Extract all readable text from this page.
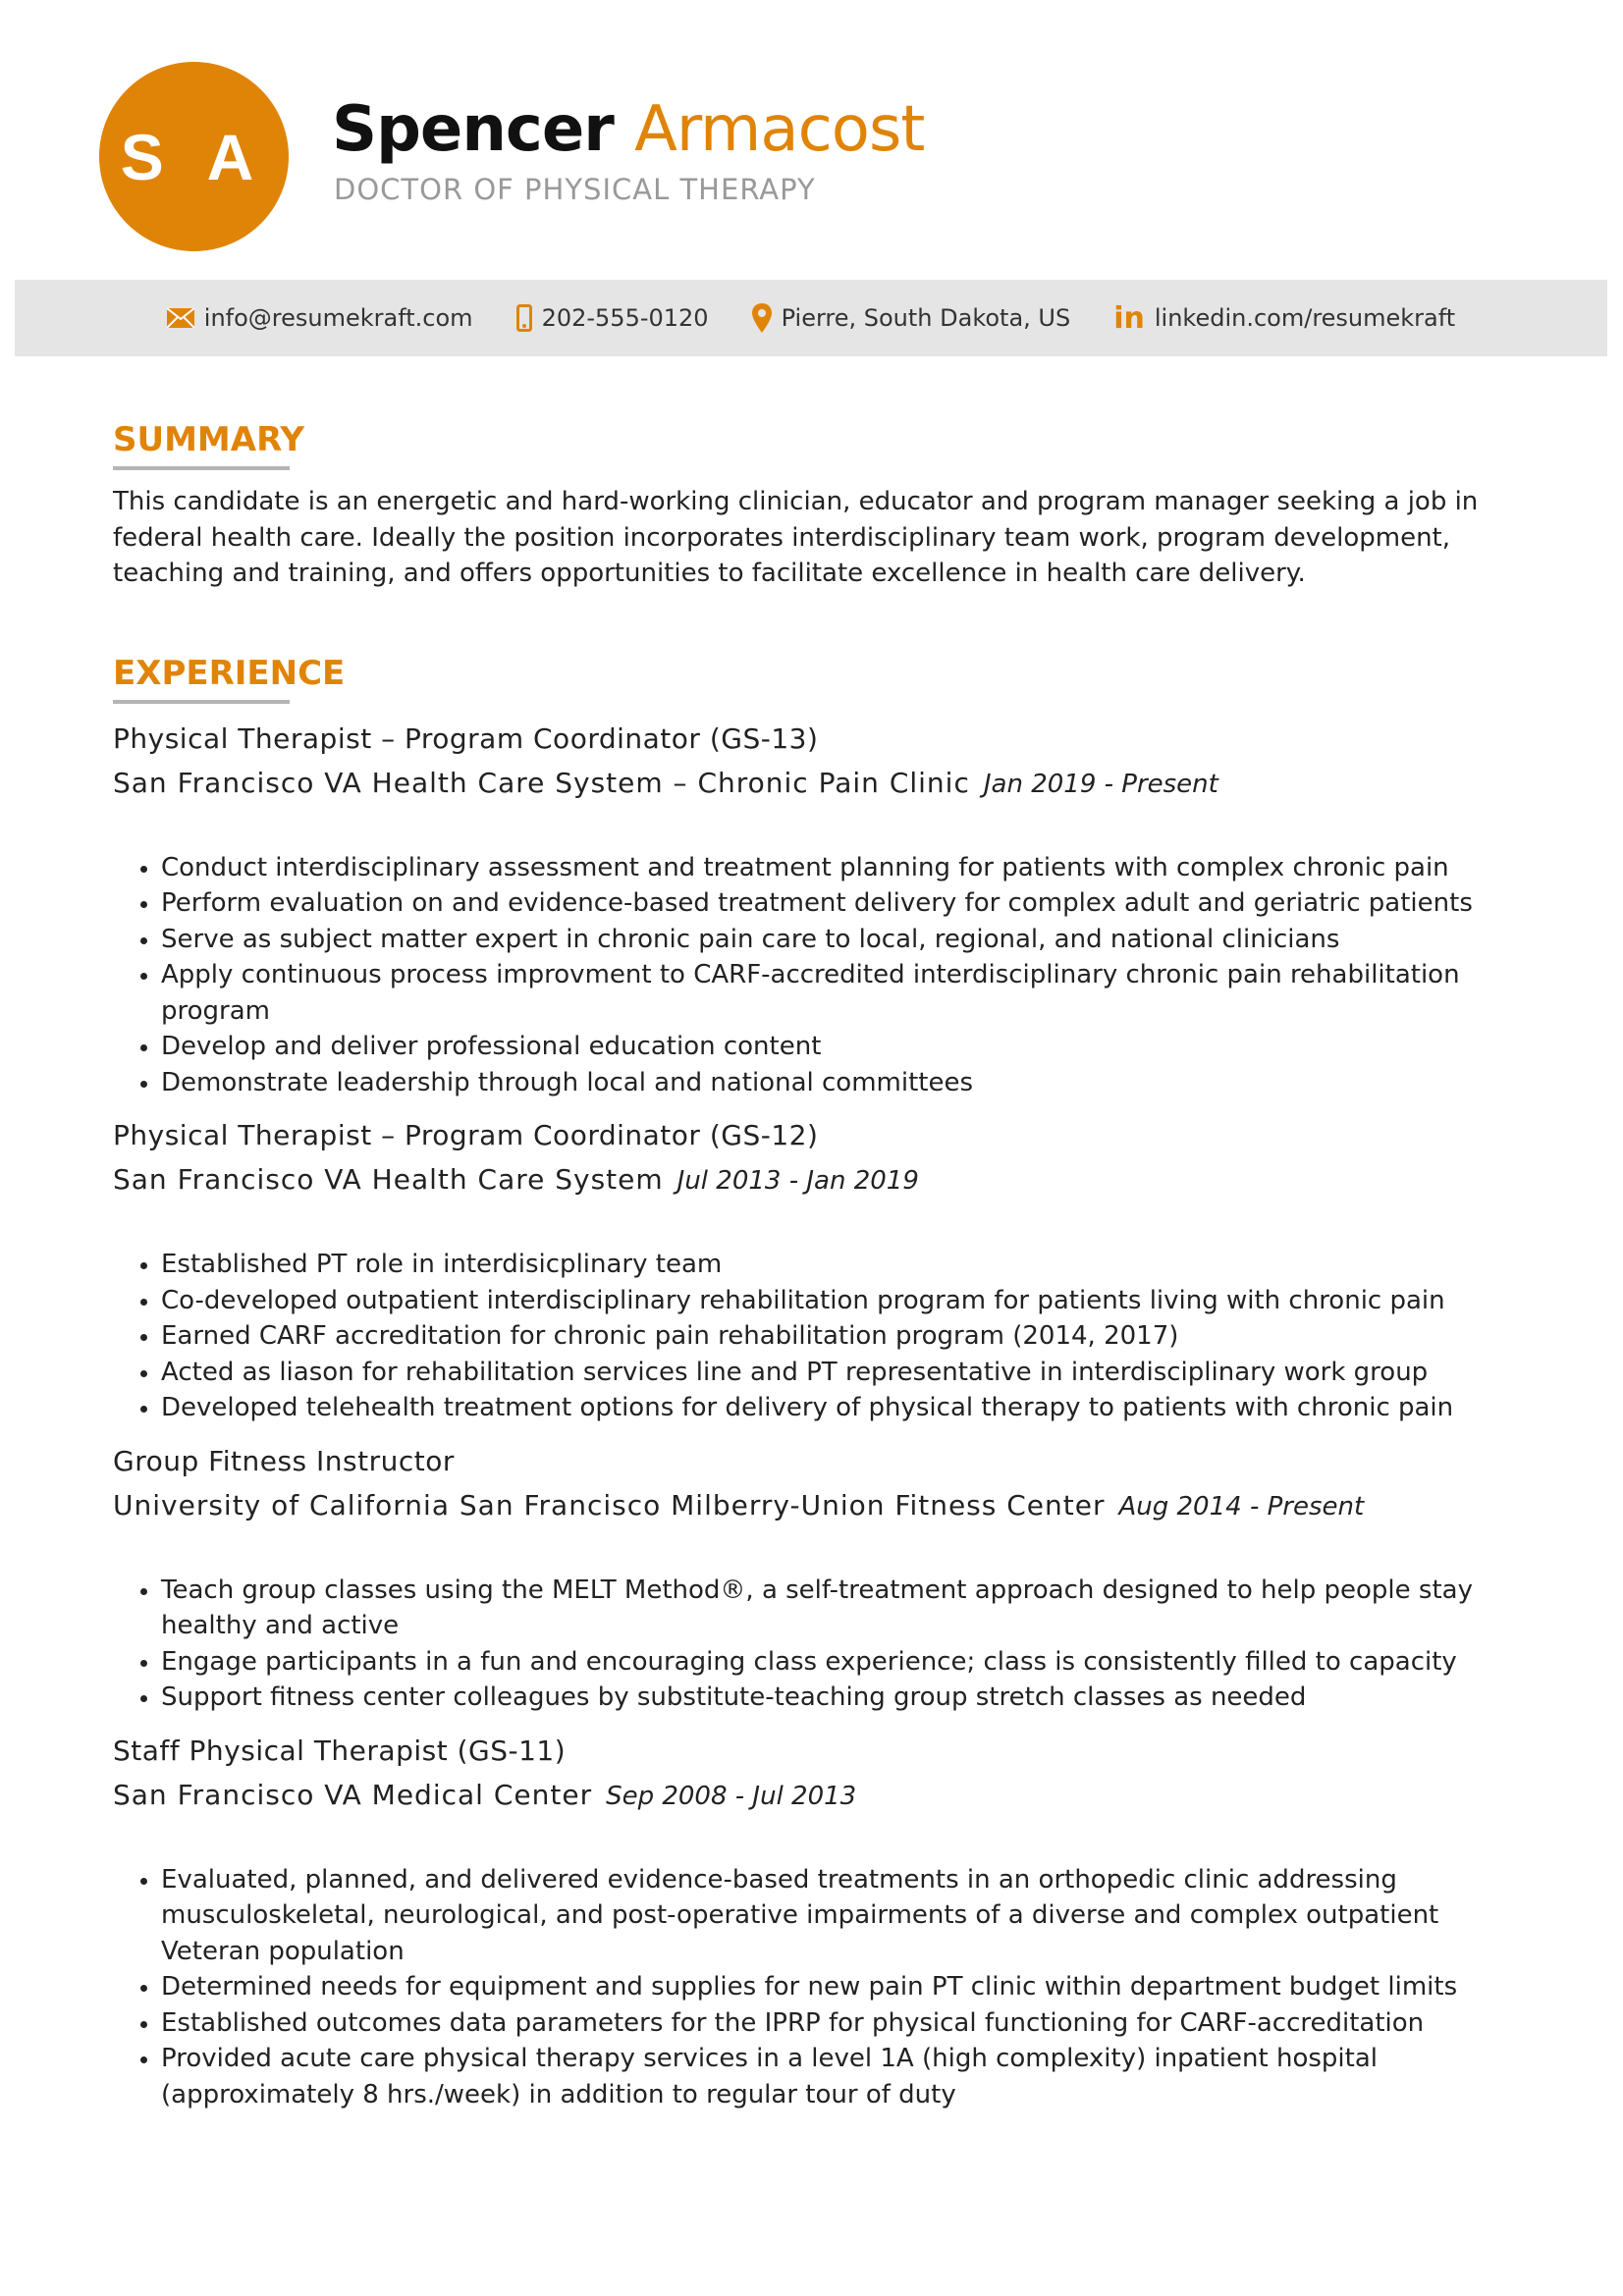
S A	Spencer Armacost
DOCTOR OF PHYSICAL THERAPY
info@resumekraft.com	202-555-0120	Pierre, South Dakota, US in linkedin.com/resumekraft
SUMMARY

This candidate is an energetic and hard-working clinician, educator and program manager seeking a job in federal health care. Ideally the position incorporates interdisciplinary team work, program development, teaching and training, and offers opportunities to facilitate excellence in health care delivery.

EXPERIENCE
Physical Therapist – Program Coordinator (GS-13)
San Francisco VA Health Care System – Chronic Pain Clinic Jan 2019 - Present
• Conduct interdisciplinary assessment and treatment planning for patients with complex chronic pain
• Perform evaluation on and evidence-based treatment delivery for complex adult and geriatric patients
• Serve as subject matter expert in chronic pain care to local, regional, and national clinicians
• Apply continuous process improvment to CARF-accredited interdisciplinary chronic pain rehabilitation program
• Develop and deliver professional education content
• Demonstrate leadership through local and national committees
Physical Therapist – Program Coordinator (GS-12)
San Francisco VA Health Care System Jul 2013 - Jan 2019
• Established PT role in interdisicplinary team
• Co-developed outpatient interdisciplinary rehabilitation program for patients living with chronic pain
• Earned CARF accreditation for chronic pain rehabilitation program (2014, 2017)
• Acted as liason for rehabilitation services line and PT representative in interdisciplinary work group
• Developed telehealth treatment options for delivery of physical therapy to patients with chronic pain
Group Fitness Instructor
University of California San Francisco Milberry-Union Fitness Center Aug 2014 - Present
• Teach group classes using the MELT Method®, a self-treatment approach designed to help people stay healthy and active
• Engage participants in a fun and encouraging class experience; class is consistently filled to capacity
• Support fitness center colleagues by substitute-teaching group stretch classes as needed
Staff Physical Therapist (GS-11)
San Francisco VA Medical Center Sep 2008 - Jul 2013
• Evaluated, planned, and delivered evidence-based treatments in an orthopedic clinic addressing musculoskeletal, neurological, and post-operative impairments of a diverse and complex outpatient Veteran population
• Determined needs for equipment and supplies for new pain PT clinic within department budget limits
• Established outcomes data parameters for the IPRP for physical functioning for CARF-accreditation
• Provided acute care physical therapy services in a level 1A (high complexity) inpatient hospital (approximately 8 hrs./week) in addition to regular tour of duty
